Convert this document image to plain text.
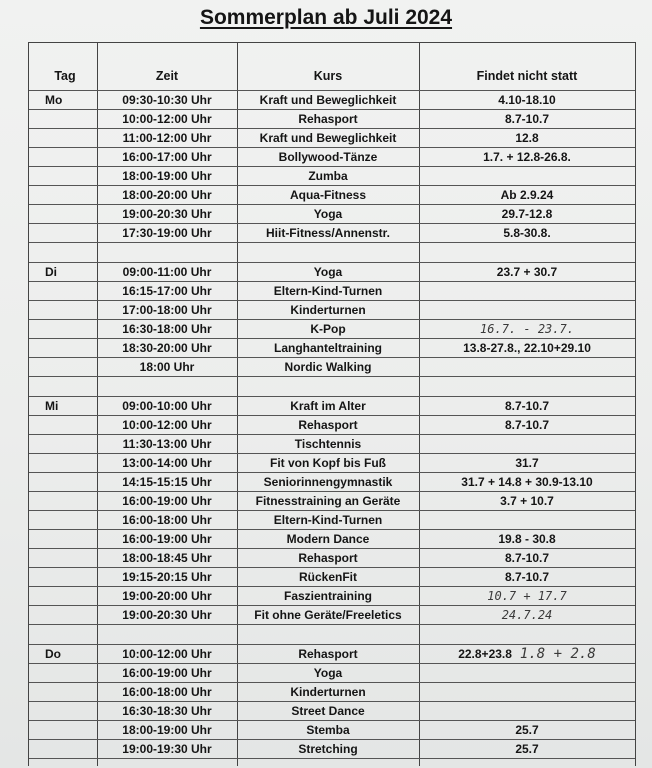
Sommerplan ab Juli 2024
Tag	Zeit	Kurs	Findet nicht statt
Mo	09:30-10:30 Uhr	Kraft und Beweglichkeit	4.10-18.10
10:00-12:00 Uhr	Rehasport	8.7-10.7
11:00-12:00 Uhr	Kraft und Beweglichkeit	12.8
16:00-17:00 Uhr	Bollywood-Tänze	1.7. + 12.8-26.8.
18:00-19:00 Uhr	Zumba
18:00-20:00 Uhr	Aqua-Fitness	Ab 2.9.24
19:00-20:30 Uhr	Yoga	29.7-12.8
17:30-19:00 Uhr	Hiit-Fitness/Annenstr.	5.8-30.8.
Di	09:00-11:00 Uhr	Yoga	23.7 + 30.7
16:15-17:00 Uhr	Eltern-Kind-Turnen
17:00-18:00 Uhr	Kinderturnen
16:30-18:00 Uhr	K-Pop	16.7. - 23.7.
18:30-20:00 Uhr	Langhanteltraining	13.8-27.8., 22.10+29.10
18:00 Uhr	Nordic Walking
Mi	09:00-10:00 Uhr	Kraft im Alter	8.7-10.7
10:00-12:00 Uhr	Rehasport	8.7-10.7
11:30-13:00 Uhr	Tischtennis
13:00-14:00 Uhr	Fit von Kopf bis Fuß	31.7
14:15-15:15 Uhr	Seniorinnengymnastik	31.7 + 14.8 + 30.9-13.10
16:00-19:00 Uhr	Fitnesstraining an Geräte	3.7 + 10.7
16:00-18:00 Uhr	Eltern-Kind-Turnen
16:00-19:00 Uhr	Modern Dance	19.8 - 30.8
18:00-18:45 Uhr	Rehasport	8.7-10.7
19:15-20:15 Uhr	RückenFit	8.7-10.7
19:00-20:00 Uhr	Faszientraining	10.7 + 17.7
19:00-20:30 Uhr	Fit ohne Geräte/Freeletics	24.7.24
Do	10:00-12:00 Uhr	Rehasport	22.8+23.8 1.8 + 2.8
16:00-19:00 Uhr	Yoga
16:00-18:00 Uhr	Kinderturnen
16:30-18:30 Uhr	Street Dance
18:00-19:00 Uhr	Stemba	25.7
19:00-19:30 Uhr	Stretching	25.7
